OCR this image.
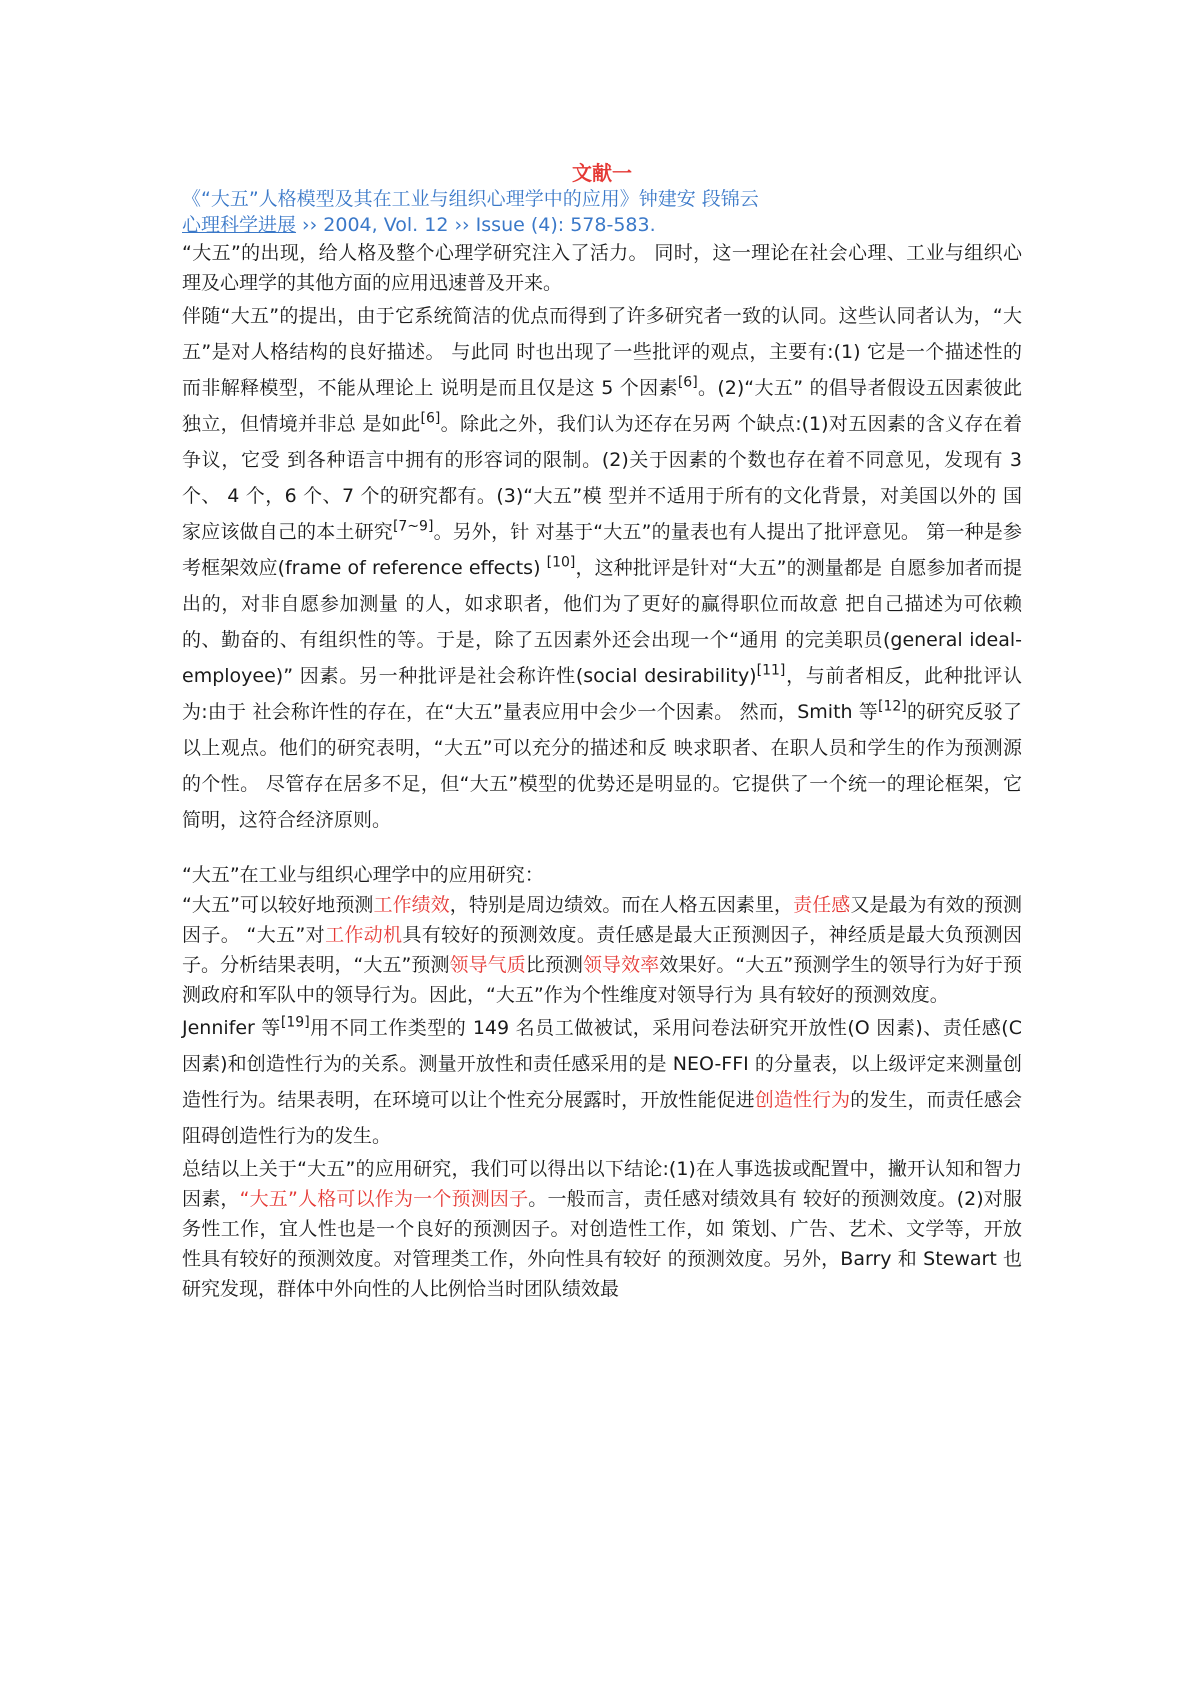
文献一
《“大五”人格模型及其在工业与组织心理学中的应用》钟建安 段锦云
心理科学进展 ›› 2004, Vol. 12 ›› Issue (4): 578-583.

“大五”的出现，给人格及整个心理学研究注入了活力。 同时，这一理论在社会心理、工业与组织心理及心理学的其他方面的应用迅速普及开来。

伴随“大五”的提出，由于它系统简洁的优点而得到了许多研究者一致的认同。这些认同者认为，“大五”是对人格结构的良好描述。 与此同 时也出现了一些批评的观点，主要有:(1) 它是一个描述性的而非解释模型，不能从理论上 说明是而且仅是这 5 个因素[6]。(2)“大五” 的倡导者假设五因素彼此独立，但情境并非总 是如此[6]。除此之外，我们认为还存在另两 个缺点:(1)对五因素的含义存在着争议，它受 到各种语言中拥有的形容词的限制。(2)关于因素的个数也存在着不同意见，发现有 3 个、 4 个，6 个、7 个的研究都有。(3)“大五”模 型并不适用于所有的文化背景，对美国以外的 国家应该做自己的本土研究[7~9]。另外，针 对基于“大五”的量表也有人提出了批评意见。 第一种是参考框架效应(frame of reference effects) [10]，这种批评是针对“大五”的测量都是 自愿参加者而提出的，对非自愿参加测量 的人，如求职者，他们为了更好的赢得职位而故意 把自己描述为可依赖的、勤奋的、有组织性的等。于是，除了五因素外还会出现一个“通用 的完美职员(general ideal-employee)” 因素。另一种批评是社会称许性(social desirability)[11]，与前者相反，此种批评认为:由于 社会称许性的存在，在“大五”量表应用中会少一个因素。 然而，Smith 等[12]的研究反驳了 以上观点。他们的研究表明，“大五”可以充分的描述和反 映求职者、在职人员和学生的作为预测源的个性。 尽管存在居多不足，但“大五”模型的优势还是明显的。它提供了一个统一的理论框架，它简明，这符合经济原则。

“大五”在工业与组织心理学中的应用研究：

“大五”可以较好地预测工作绩效，特别是周边绩效。而在人格五因素里，责任感又是最为有效的预测因子。 “大五”对工作动机具有较好的预测效度。责任感是最大正预测因子，神经质是最大负预测因子。分析结果表明，“大五”预测领导气质比预测领导效率效果好。“大五”预测学生的领导行为好于预测政府和军队中的领导行为。因此，“大五”作为个性维度对领导行为 具有较好的预测效度。

Jennifer 等[19]用不同工作类型的 149 名员工做被试，采用问卷法研究开放性(O 因素)、责任感(C 因素)和创造性行为的关系。测量开放性和责任感采用的是 NEO-FFI 的分量表，以上级评定来测量创造性行为。结果表明，在环境可以让个性充分展露时，开放性能促进创造性行为的发生，而责任感会阻碍创造性行为的发生。

总结以上关于“大五”的应用研究，我们可以得出以下结论:(1)在人事选拔或配置中，撇开认知和智力因素，“大五”人格可以作为一个预测因子。一般而言，责任感对绩效具有 较好的预测效度。(2)对服务性工作，宜人性也是一个良好的预测因子。对创造性工作，如 策划、广告、艺术、文学等，开放性具有较好的预测效度。对管理类工作，外向性具有较好 的预测效度。另外，Barry 和 Stewart 也研究发现，群体中外向性的人比例恰当时团队绩效最
